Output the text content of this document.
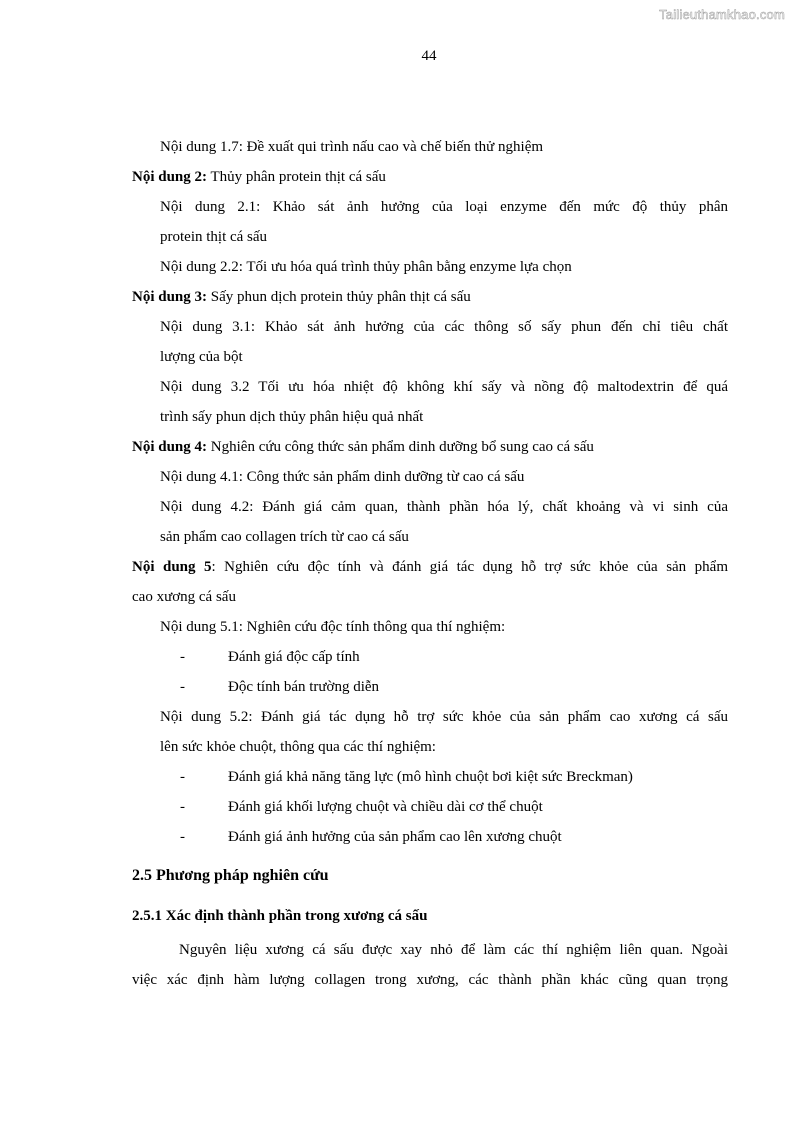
Tailieuthamkhao.com
44
Nội dung 1.7: Đề xuất qui trình nấu cao và chế biến thử nghiệm
Nội dung 2: Thủy phân protein thịt cá sấu
Nội dung 2.1: Khảo sát ảnh hưởng của loại enzyme đến mức độ thủy phân
protein thịt cá sấu
Nội dung 2.2: Tối ưu hóa quá trình thủy phân bằng enzyme lựa chọn
Nội dung 3: Sấy phun dịch protein thủy phân thịt cá sấu
Nội dung 3.1: Khảo sát ảnh hưởng của các thông số sấy phun đến chỉ tiêu chất
lượng của bột
Nội dung 3.2 Tối ưu hóa nhiệt độ không khí sấy và nồng độ maltodextrin để quá
trình sấy phun dịch thủy phân hiệu quả nhất
Nội dung 4: Nghiên cứu công thức sản phẩm dinh dưỡng bổ sung cao cá sấu
Nội dung 4.1: Công thức sản phẩm dinh dưỡng từ cao cá sấu
Nội dung 4.2: Đánh giá cảm quan, thành phần hóa lý, chất khoảng và vi sinh của
sản phẩm cao collagen trích từ cao cá sấu
Nội dung 5: Nghiên cứu độc tính và đánh giá tác dụng hỗ trợ sức khỏe của sản phẩm
cao xương cá sấu
Nội dung 5.1: Nghiên cứu độc tính thông qua thí nghiệm:
-	Đánh giá độc cấp tính
-	Độc tính bán trường diễn
Nội dung 5.2: Đánh giá tác dụng hỗ trợ sức khỏe của sản phẩm cao xương cá sấu
lên sức khỏe chuột, thông qua các thí nghiệm:
-	Đánh giá khả năng tăng lực (mô hình chuột bơi kiệt sức Breckman)
-	Đánh giá khối lượng chuột và chiều dài cơ thể chuột
-	Đánh giá ảnh hưởng của sản phẩm cao lên xương chuột
2.5 Phương pháp nghiên cứu
2.5.1 Xác định thành phần trong xương cá sấu
Nguyên liệu xương cá sấu được xay nhỏ để làm các thí nghiệm liên quan. Ngoài
việc xác định hàm lượng collagen trong xương, các thành phần khác cũng quan trọng
